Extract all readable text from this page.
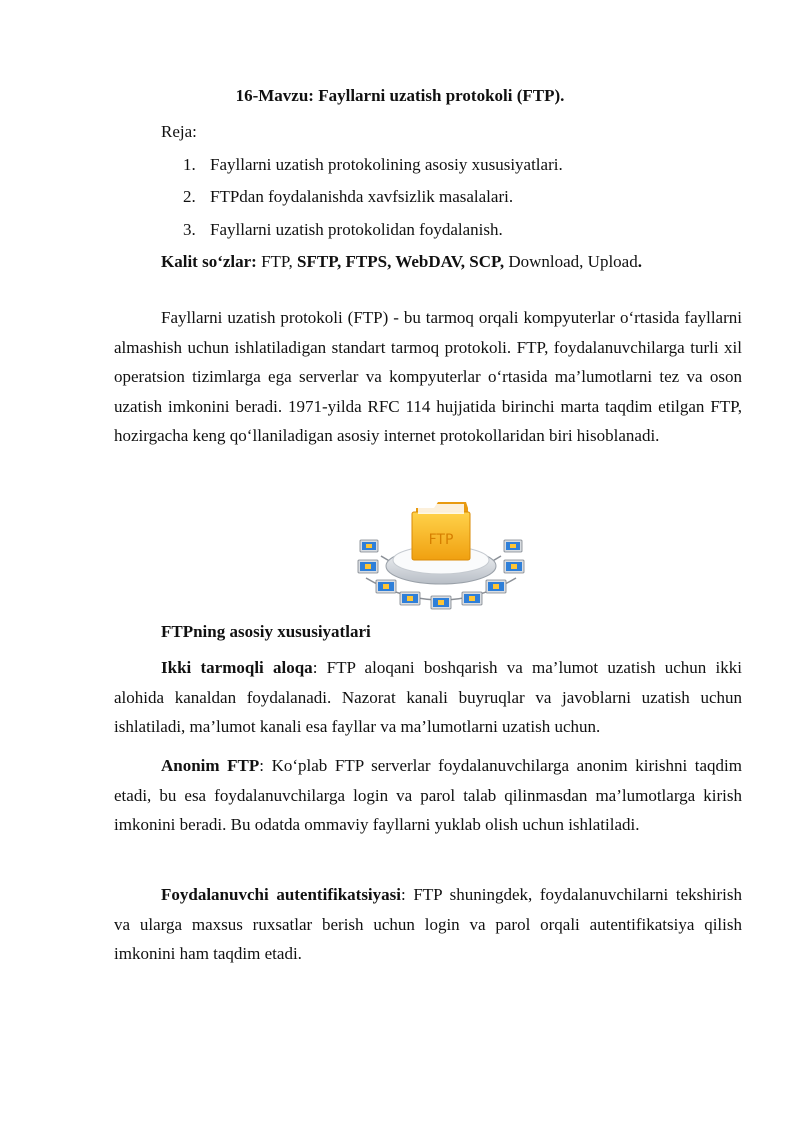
16-Mavzu: Fayllarni uzatish protokoli (FTP).
Reja:
1. Fayllarni uzatish protokolining asosiy xususiyatlari.
2. FTPdan foydalanishda xavfsizlik masalalari.
3. Fayllarni uzatish protokolidan foydalanish.
Kalit so‘zlar: FTP, SFTP, FTPS, WebDAV, SCP, Download, Upload.

Fayllarni uzatish protokoli (FTP) - bu tarmoq orqali kompyuterlar o‘rtasida fayllarni almashish uchun ishlatiladigan standart tarmoq protokoli. FTP, foydalanuvchilarga turli xil operatsion tizimlarga ega serverlar va kompyuterlar o‘rtasida ma’lumotlarni tez va oson uzatish imkonini beradi. 1971-yilda RFC 114 hujjatida birinchi marta taqdim etilgan FTP, hozirgacha keng qo‘llaniladigan asosiy internet protokollaridan biri hisoblanadi.

FTP
FTPning asosiy xususiyatlari

Ikki tarmoqli aloqa: FTP aloqani boshqarish va ma’lumot uzatish uchun ikki alohida kanaldan foydalanadi. Nazorat kanali buyruqlar va javoblarni uzatish uchun ishlatiladi, ma’lumot kanali esa fayllar va ma’lumotlarni uzatish uchun.

Anonim FTP: Ko‘plab FTP serverlar foydalanuvchilarga anonim kirishni taqdim etadi, bu esa foydalanuvchilarga login va parol talab qilinmasdan ma’lumotlarga kirish imkonini beradi. Bu odatda ommaviy fayllarni yuklab olish uchun ishlatiladi.

Foydalanuvchi autentifikatsiyasi: FTP shuningdek, foydalanuvchilarni tekshirish va ularga maxsus ruxsatlar berish uchun login va parol orqali autentifikatsiya qilish imkonini ham taqdim etadi.
